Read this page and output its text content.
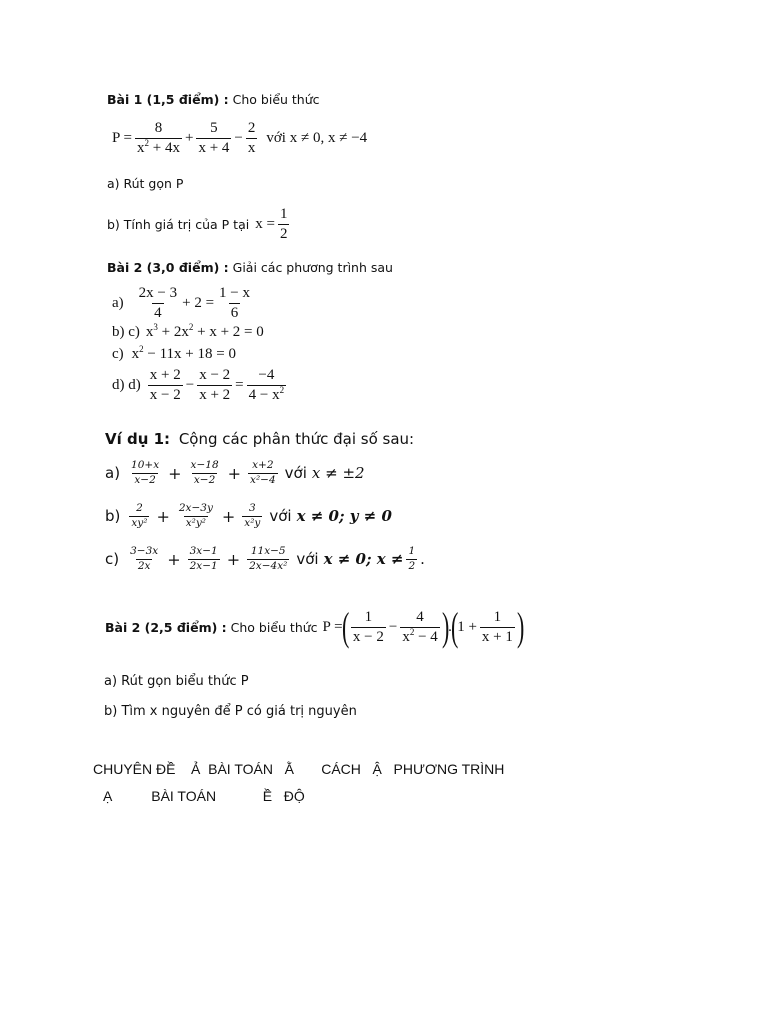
Bài 1 (1,5 điểm) : Cho biểu thức
$P = \frac{8}{x^2 + 4x} + \frac{5}{x + 4} - \frac{2}{x}$ với x ≠ 0, x ≠ −4
a) Rút gọn P
b) Tính giá trị của P tại $x = \frac{1}{2}$
Bài 2 (3,0 điểm) : Giải các phương trình sau
$a) \frac{2x - 3}{4} + 2 = \frac{1 - x}{6}$
b) c) $x^3 + 2x^2 + x + 2 = 0$
c) $x^2 - 11x + 18 = 0$
d) $d) \frac{x + 2}{x - 2} - \frac{x - 2}{x + 2} = \frac{-4}{4 - x^2}$
Ví dụ 1: Cộng các phân thức đại số sau:
$a) \frac{10+x}{x-2} + \frac{x-18}{x-2} + \frac{x+2}{\text{x²−4}}$ với x ≠ ±2
$b) \frac{2}{\text{xy²}} + \frac{2x-3y}{\text{x²y²}} + \frac{3}{\text{x²y}}$ với x ≠ 0; y ≠ 0
$c) \frac{3-3x}{2x} + \frac{3x-1}{2x-1} + \frac{11x-5}{\text{2x−4x²}}$ với x ≠ 0; $x \ne \frac{1}{2}$ .
Bài 2 (2,5 điểm) : Cho biểu thức P =
( $\frac{1}{x - 2} - \frac{4}{x^2 - 4}$ )
.
(
$1 + \frac{1}{x + 1}$ )
a) Rút gọn biểu thức P
b) Tìm x nguyên để P có giá trị nguyên
CHUYÊN ĐỀ    Ả  BÀI TOÁN   Ằ       CÁCH   Ậ   PHƯƠNG TRÌNH
Ạ          BÀI TOÁN            Ề   ĐỘ
